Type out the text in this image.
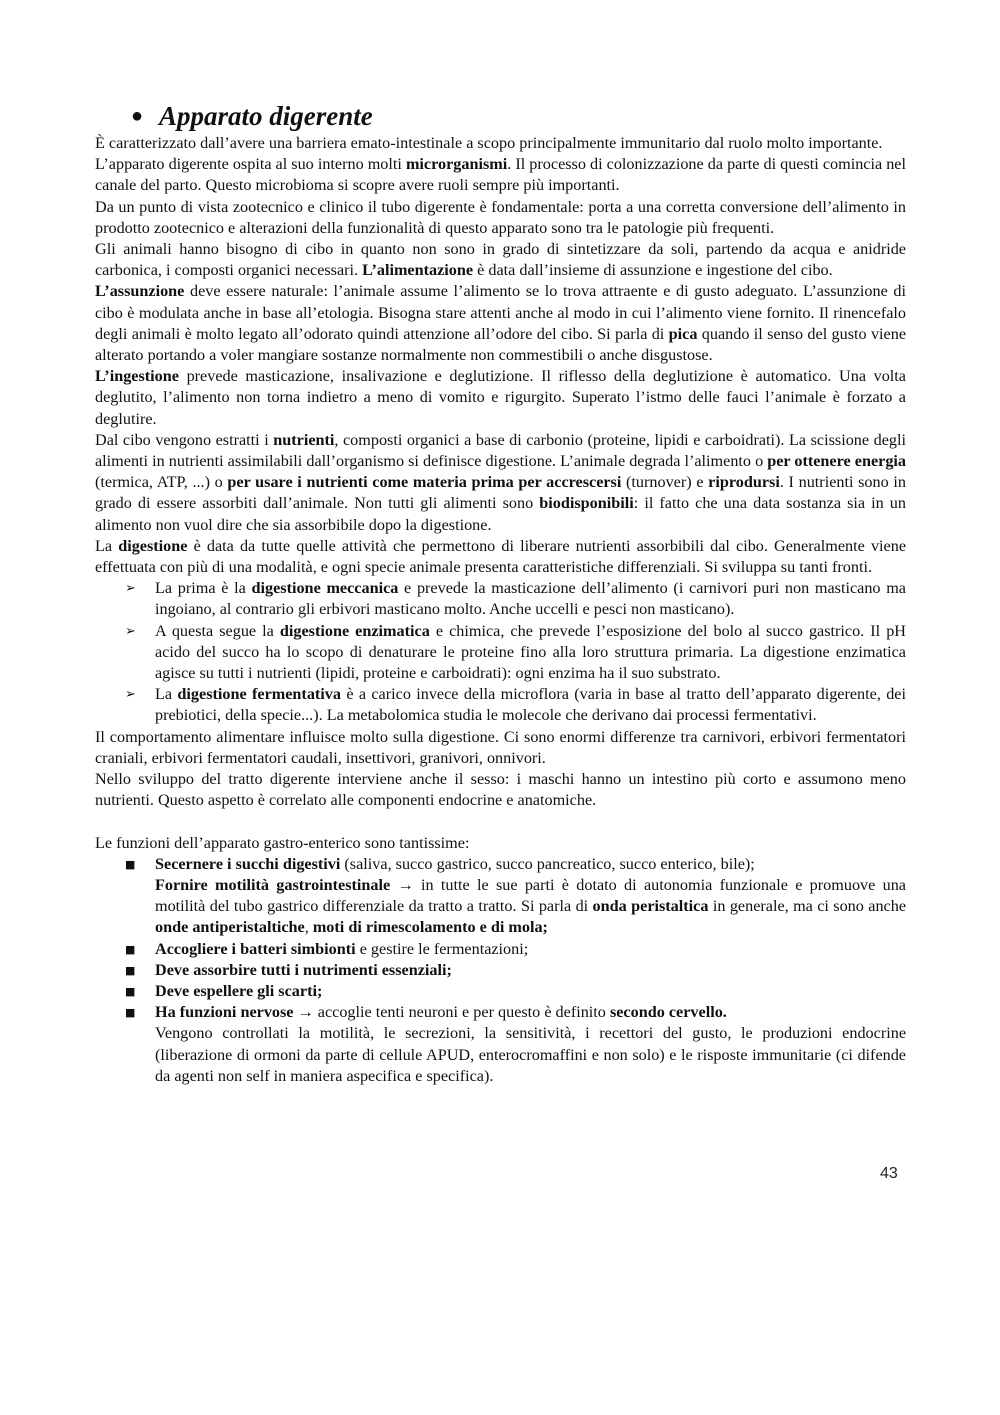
● Apparato digerente

È caratterizzato dall’avere una barriera emato-intestinale a scopo principalmente immunitario dal ruolo molto importante.

L’apparato digerente ospita al suo interno molti microrganismi. Il processo di colonizzazione da parte di questi comincia nel canale del parto. Questo microbioma si scopre avere ruoli sempre più importanti.

Da un punto di vista zootecnico e clinico il tubo digerente è fondamentale: porta a una corretta conversione dell’alimento in prodotto zootecnico e alterazioni della funzionalità di questo apparato sono tra le patologie più frequenti.

Gli animali hanno bisogno di cibo in quanto non sono in grado di sintetizzare da soli, partendo da acqua e anidride carbonica, i composti organici necessari. L’alimentazione è data dall’insieme di assunzione e ingestione del cibo.

L’assunzione deve essere naturale: l’animale assume l’alimento se lo trova attraente e di gusto adeguato. L’assunzione di cibo è modulata anche in base all’etologia. Bisogna stare attenti anche al modo in cui l’alimento viene fornito. Il rinencefalo degli animali è molto legato all’odorato quindi attenzione all’odore del cibo. Si parla di pica quando il senso del gusto viene alterato portando a voler mangiare sostanze normalmente non commestibili o anche disgustose.

L’ingestione prevede masticazione, insalivazione e deglutizione. Il riflesso della deglutizione è automatico. Una volta deglutito, l’alimento non torna indietro a meno di vomito e rigurgito. Superato l’istmo delle fauci l’animale è forzato a deglutire.

Dal cibo vengono estratti i nutrienti, composti organici a base di carbonio (proteine, lipidi e carboidrati). La scissione degli alimenti in nutrienti assimilabili dall’organismo si definisce digestione. L’animale degrada l’alimento o per ottenere energia (termica, ATP, ...) o per usare i nutrienti come materia prima per accrescersi (turnover) e riprodursi. I nutrienti sono in grado di essere assorbiti dall’animale. Non tutti gli alimenti sono biodisponibili: il fatto che una data sostanza sia in un alimento non vuol dire che sia assorbibile dopo la digestione.

La digestione è data da tutte quelle attività che permettono di liberare nutrienti assorbibili dal cibo. Generalmente viene effettuata con più di una modalità, e ogni specie animale presenta caratteristiche differenziali. Si sviluppa su tanti fronti.

➢ La prima è la digestione meccanica e prevede la masticazione dell’alimento (i carnivori puri non masticano ma ingoiano, al contrario gli erbivori masticano molto. Anche uccelli e pesci non masticano).
➢ A questa segue la digestione enzimatica e chimica, che prevede l’esposizione del bolo al succo gastrico. Il pH acido del succo ha lo scopo di denaturare le proteine fino alla loro struttura primaria. La digestione enzimatica agisce su tutti i nutrienti (lipidi, proteine e carboidrati): ogni enzima ha il suo substrato.
➢ La digestione fermentativa è a carico invece della microflora (varia in base al tratto dell’apparato digerente, dei prebiotici, della specie...). La metabolomica studia le molecole che derivano dai processi fermentativi.

Il comportamento alimentare influisce molto sulla digestione. Ci sono enormi differenze tra carnivori, erbivori fermentatori craniali, erbivori fermentatori caudali, insettivori, granivori, onnivori.

Nello sviluppo del tratto digerente interviene anche il sesso: i maschi hanno un intestino più corto e assumono meno nutrienti. Questo aspetto è correlato alle componenti endocrine e anatomiche.

Le funzioni dell’apparato gastro-enterico sono tantissime:

■ Secernere i succhi digestivi (saliva, succo gastrico, succo pancreatico, succo enterico, bile);
Fornire motilità gastrointestinale → in tutte le sue parti è dotato di autonomia funzionale e promuove una motilità del tubo gastrico differenziale da tratto a tratto. Si parla di onda peristaltica in generale, ma ci sono anche onde antiperistaltiche, moti di rimescolamento e di mola;
■ Accogliere i batteri simbionti e gestire le fermentazioni;
■ Deve assorbire tutti i nutrimenti essenziali;
■ Deve espellere gli scarti;
■ Ha funzioni nervose → accoglie tenti neuroni e per questo è definito secondo cervello.
Vengono controllati la motilità, le secrezioni, la sensitività, i recettori del gusto, le produzioni endocrine (liberazione di ormoni da parte di cellule APUD, enterocromaffini e non solo) e le risposte immunitarie (ci difende da agenti non self in maniera aspecifica e specifica).
43
